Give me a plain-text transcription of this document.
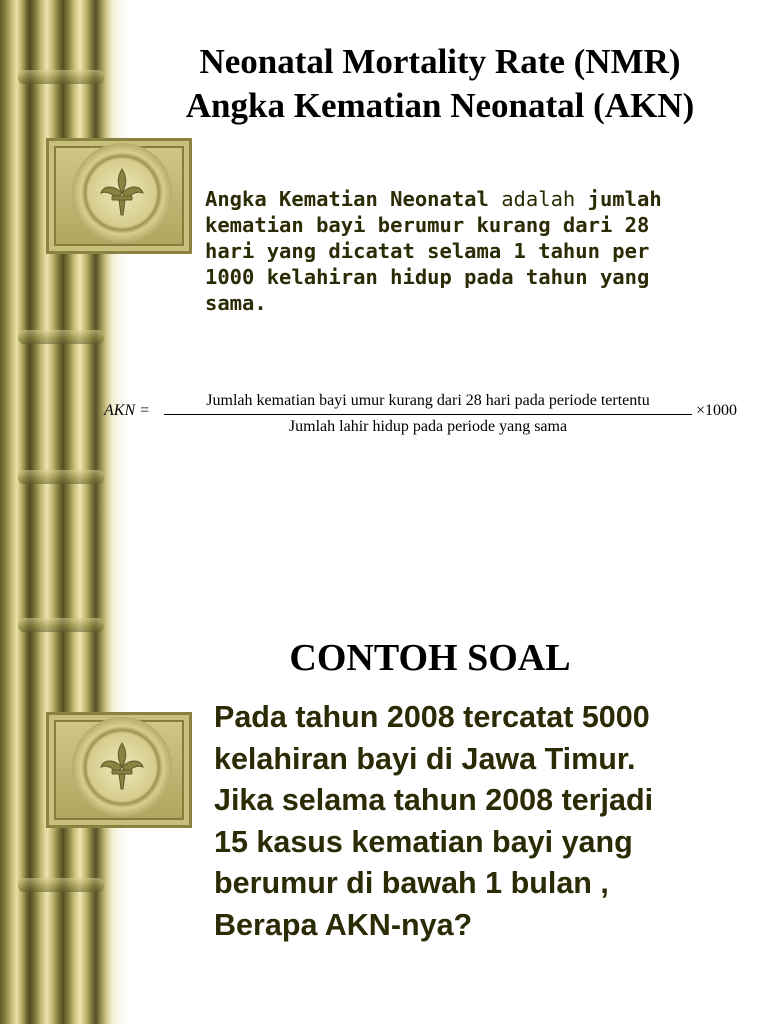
Neonatal Mortality Rate (NMR)
Angka Kematian Neonatal (AKN)

Angka Kematian Neonatal adalah jumlah
kematian bayi berumur kurang dari 28
hari yang dicatat selama 1 tahun per
1000 kelahiran hidup pada tahun yang
sama.

AKN =
Jumlah kematian bayi umur kurang dari 28 hari pada periode tertentu
Jumlah lahir hidup pada periode yang sama
×1000
CONTOH SOAL

Pada tahun 2008 tercatat 5000
kelahiran bayi di Jawa Timur.
Jika selama tahun 2008 terjadi
15 kasus kematian bayi yang
berumur di bawah 1 bulan ,
Berapa AKN-nya?
